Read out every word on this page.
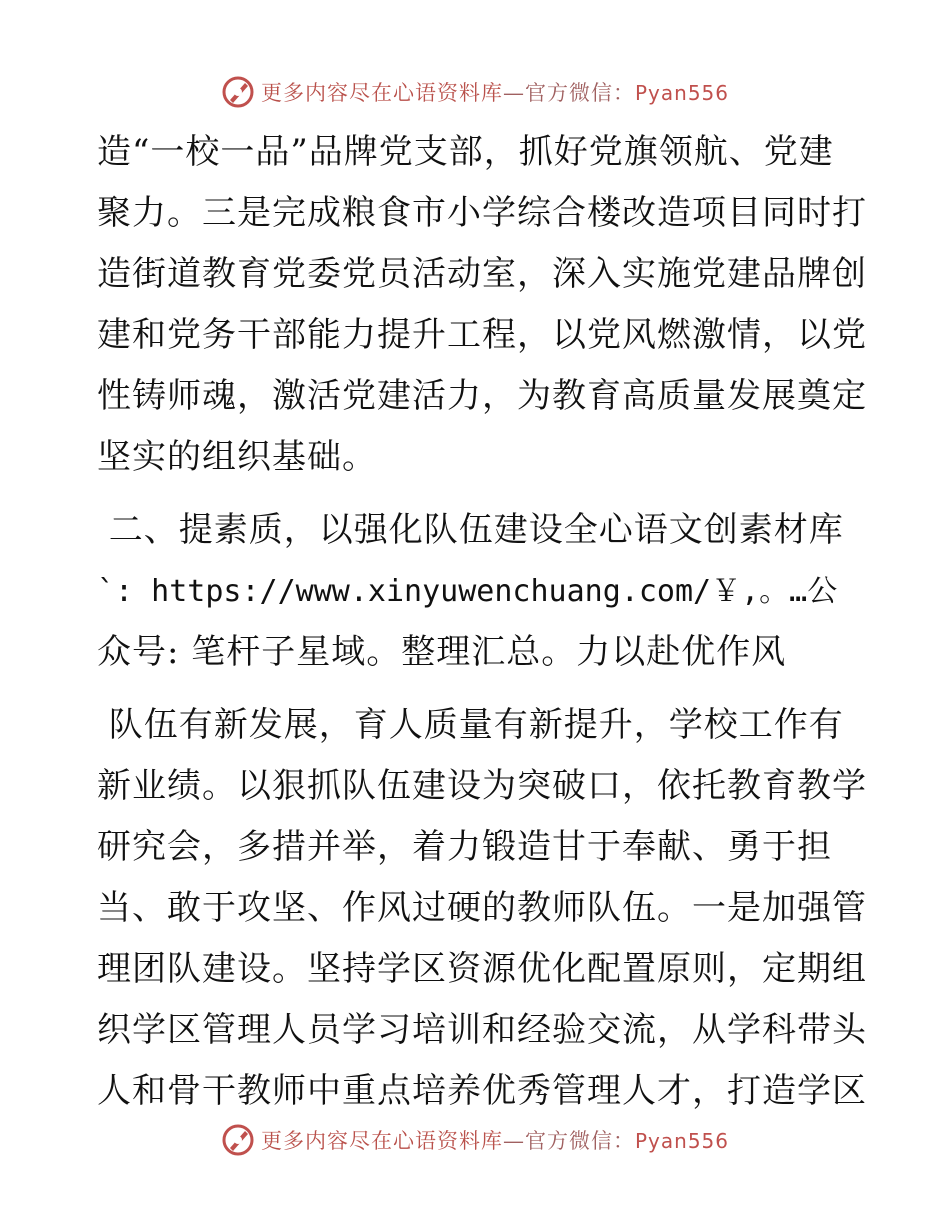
更多内容尽在心语资料库—官方微信：Pyan556
造“一校一品”品牌党支部，抓好党旗领航、党建
聚力。三是完成粮食市小学综合楼改造项目同时打
造街道教育党委党员活动室，深入实施党建品牌创
建和党务干部能力提升工程，以党风燃激情，以党
性铸师魂，激活党建活力，为教育高质量发展奠定
坚实的组织基础。
二、提素质，以强化队伍建设全心语文创素材库
`: https://www.xinyuwenchuang.com/￥,。…公
众号: 笔杆子星域。整理汇总。力以赴优作风
队伍有新发展，育人质量有新提升，学校工作有
新业绩。以狠抓队伍建设为突破口，依托教育教学
研究会，多措并举，着力锻造甘于奉献、勇于担
当、敢于攻坚、作风过硬的教师队伍。一是加强管
理团队建设。坚持学区资源优化配置原则，定期组
织学区管理人员学习培训和经验交流，从学科带头
人和骨干教师中重点培养优秀管理人才，打造学区
更多内容尽在心语资料库—官方微信：Pyan556
